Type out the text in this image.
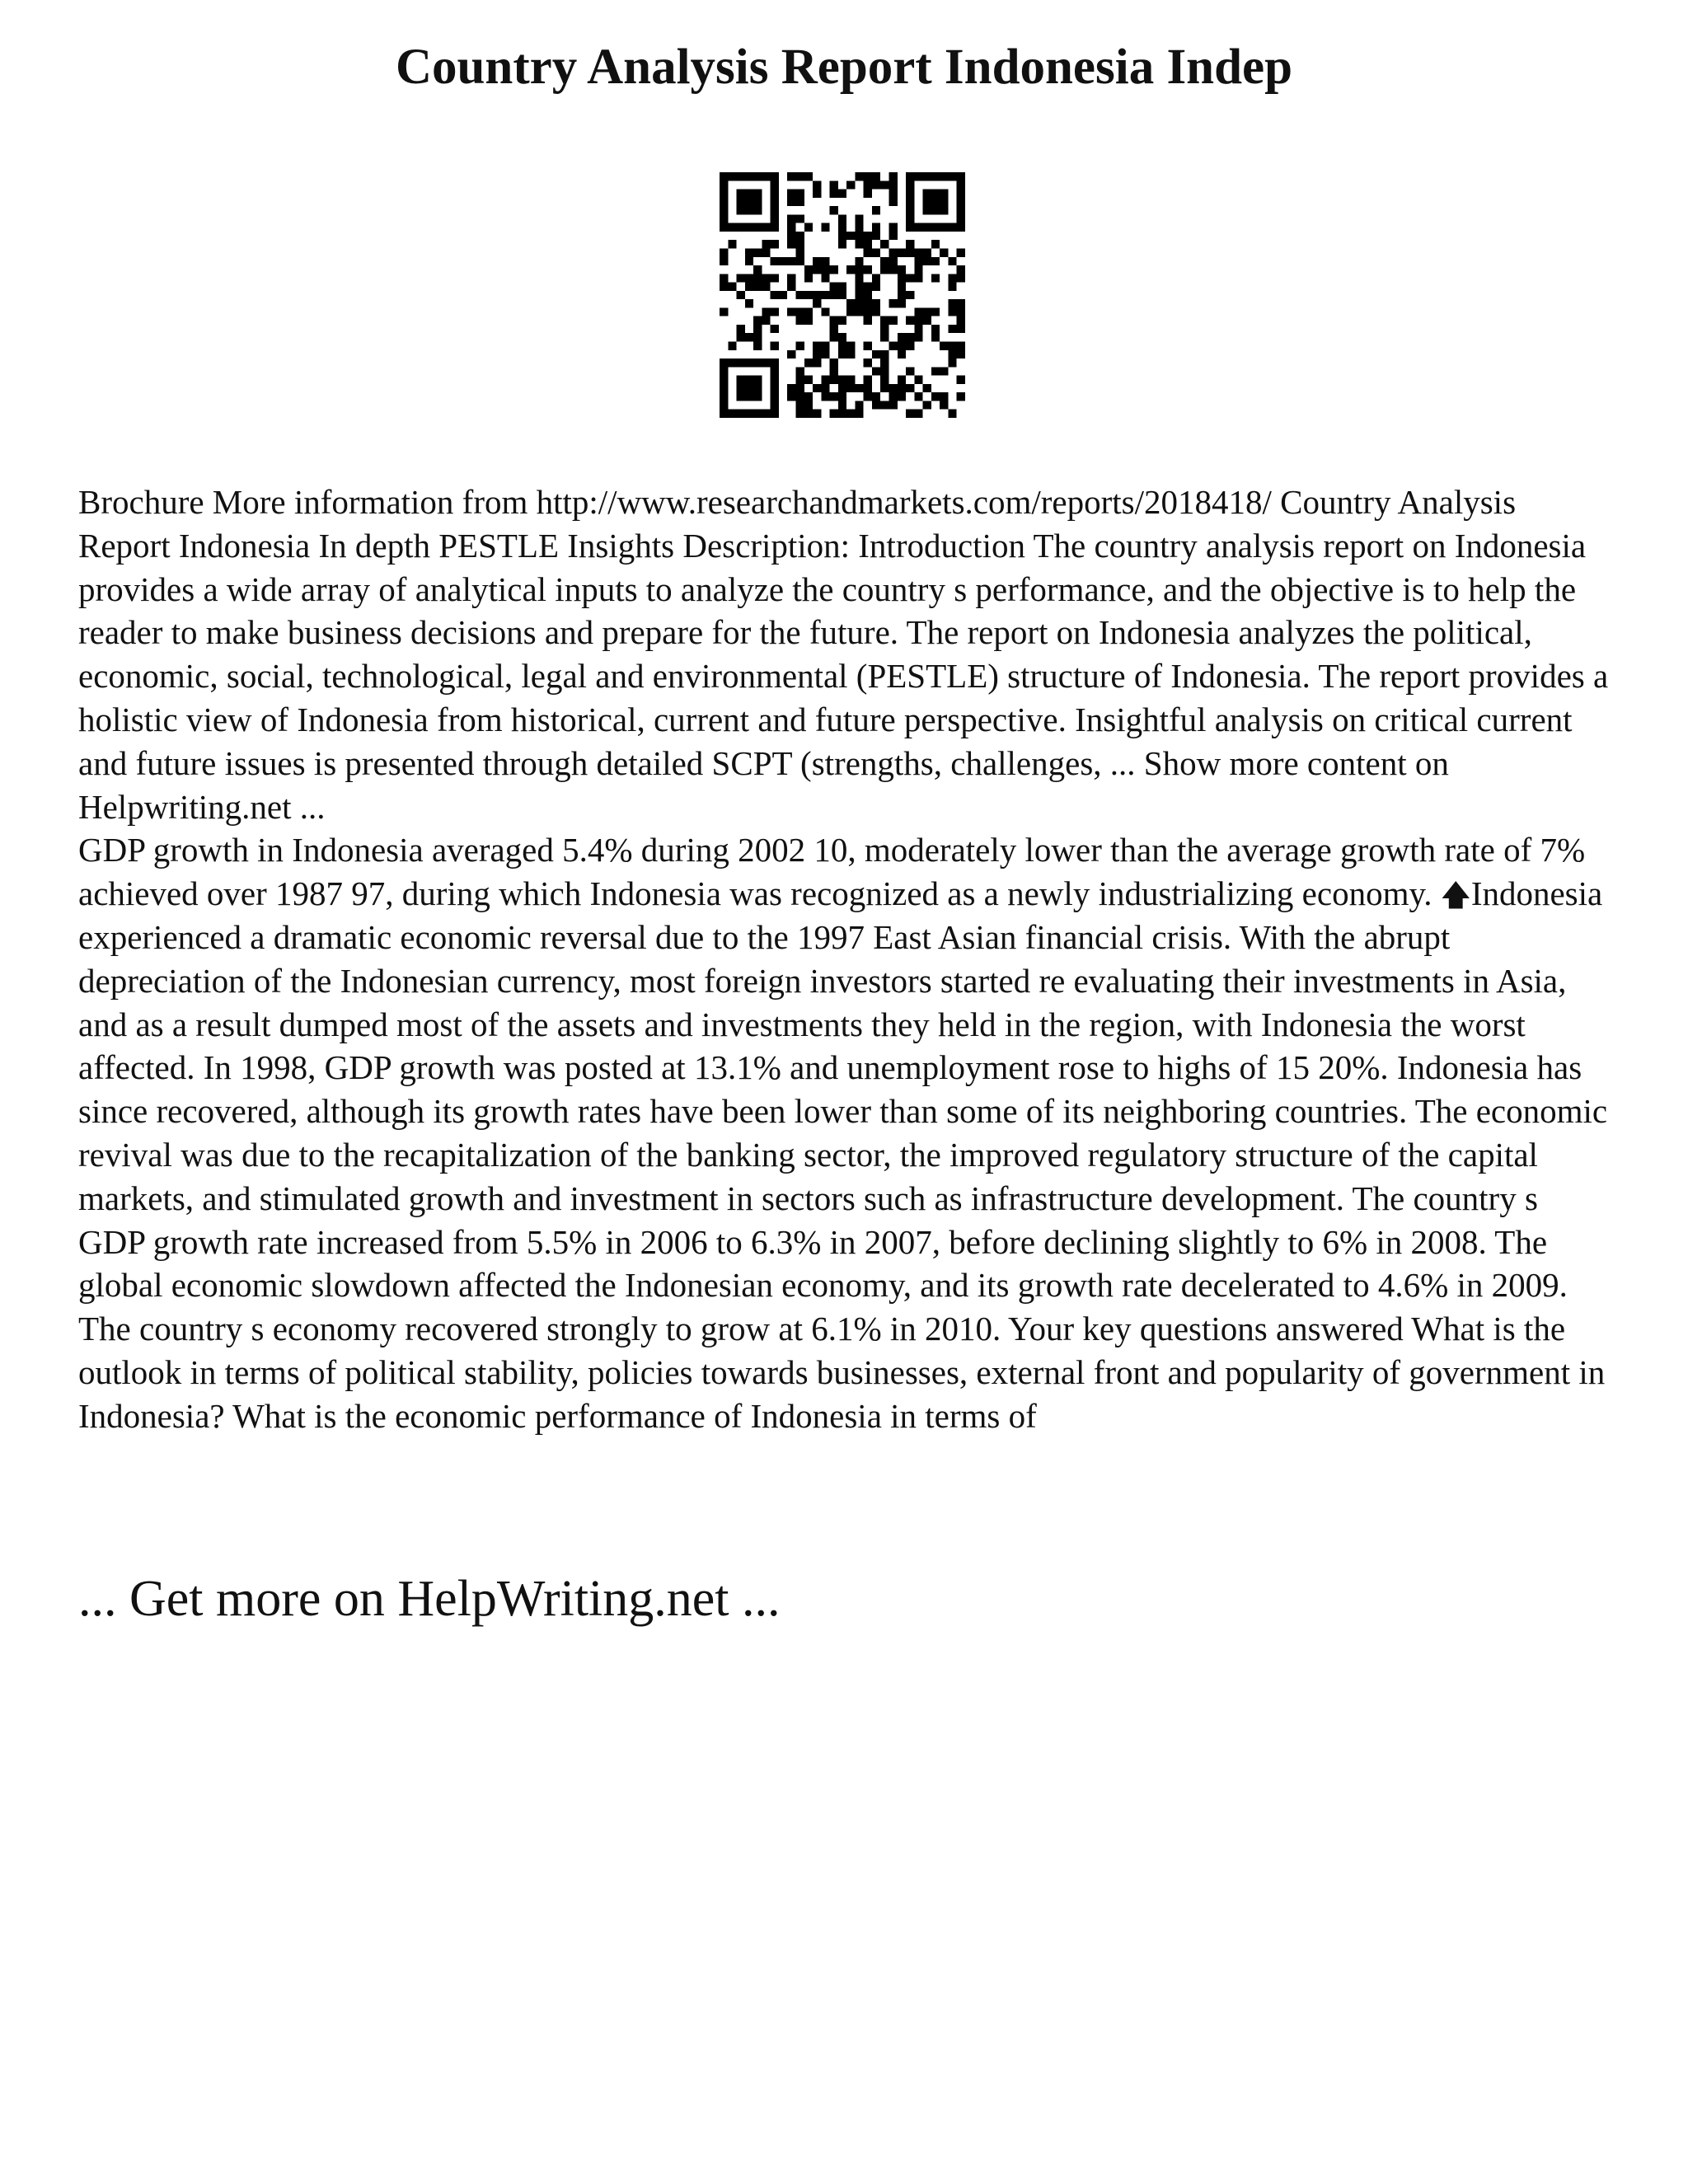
Country Analysis Report Indonesia Indep

Brochure More information from http://www.researchandmarkets.com/reports/2018418/ Country Analysis Report Indonesia In depth PESTLE Insights Description: Introduction The country analysis report on Indonesia provides a wide array of analytical inputs to analyze the country s performance, and the objective is to help the reader to make business decisions and prepare for the future. The report on Indonesia analyzes the political, economic, social, technological, legal and environmental (PESTLE) structure of Indonesia. The report provides a holistic view of Indonesia from historical, current and future perspective. Insightful analysis on critical current and future issues is presented through detailed SCPT (strengths, challenges, ... Show more content on Helpwriting.net ...

GDP growth in Indonesia averaged 5.4% during 2002 10, moderately lower than the average growth rate of 7% achieved over 1987 97, during which Indonesia was recognized as a newly industrializing economy. 🡅Indonesia experienced a dramatic economic reversal due to the 1997 East Asian financial crisis. With the abrupt depreciation of the Indonesian currency, most foreign investors started re evaluating their investments in Asia, and as a result dumped most of the assets and investments they held in the region, with Indonesia the worst affected. In 1998, GDP growth was posted at 13.1% and unemployment rose to highs of 15 20%. Indonesia has since recovered, although its growth rates have been lower than some of its neighboring countries. The economic revival was due to the recapitalization of the banking sector, the improved regulatory structure of the capital markets, and stimulated growth and investment in sectors such as infrastructure development. The country s GDP growth rate increased from 5.5% in 2006 to 6.3% in 2007, before declining slightly to 6% in 2008. The global economic slowdown affected the Indonesian economy, and its growth rate decelerated to 4.6% in 2009. The country s economy recovered strongly to grow at 6.1% in 2010. Your key questions answered What is the outlook in terms of political stability, policies towards businesses, external front and popularity of government in Indonesia? What is the economic performance of Indonesia in terms of

... Get more on HelpWriting.net ...
